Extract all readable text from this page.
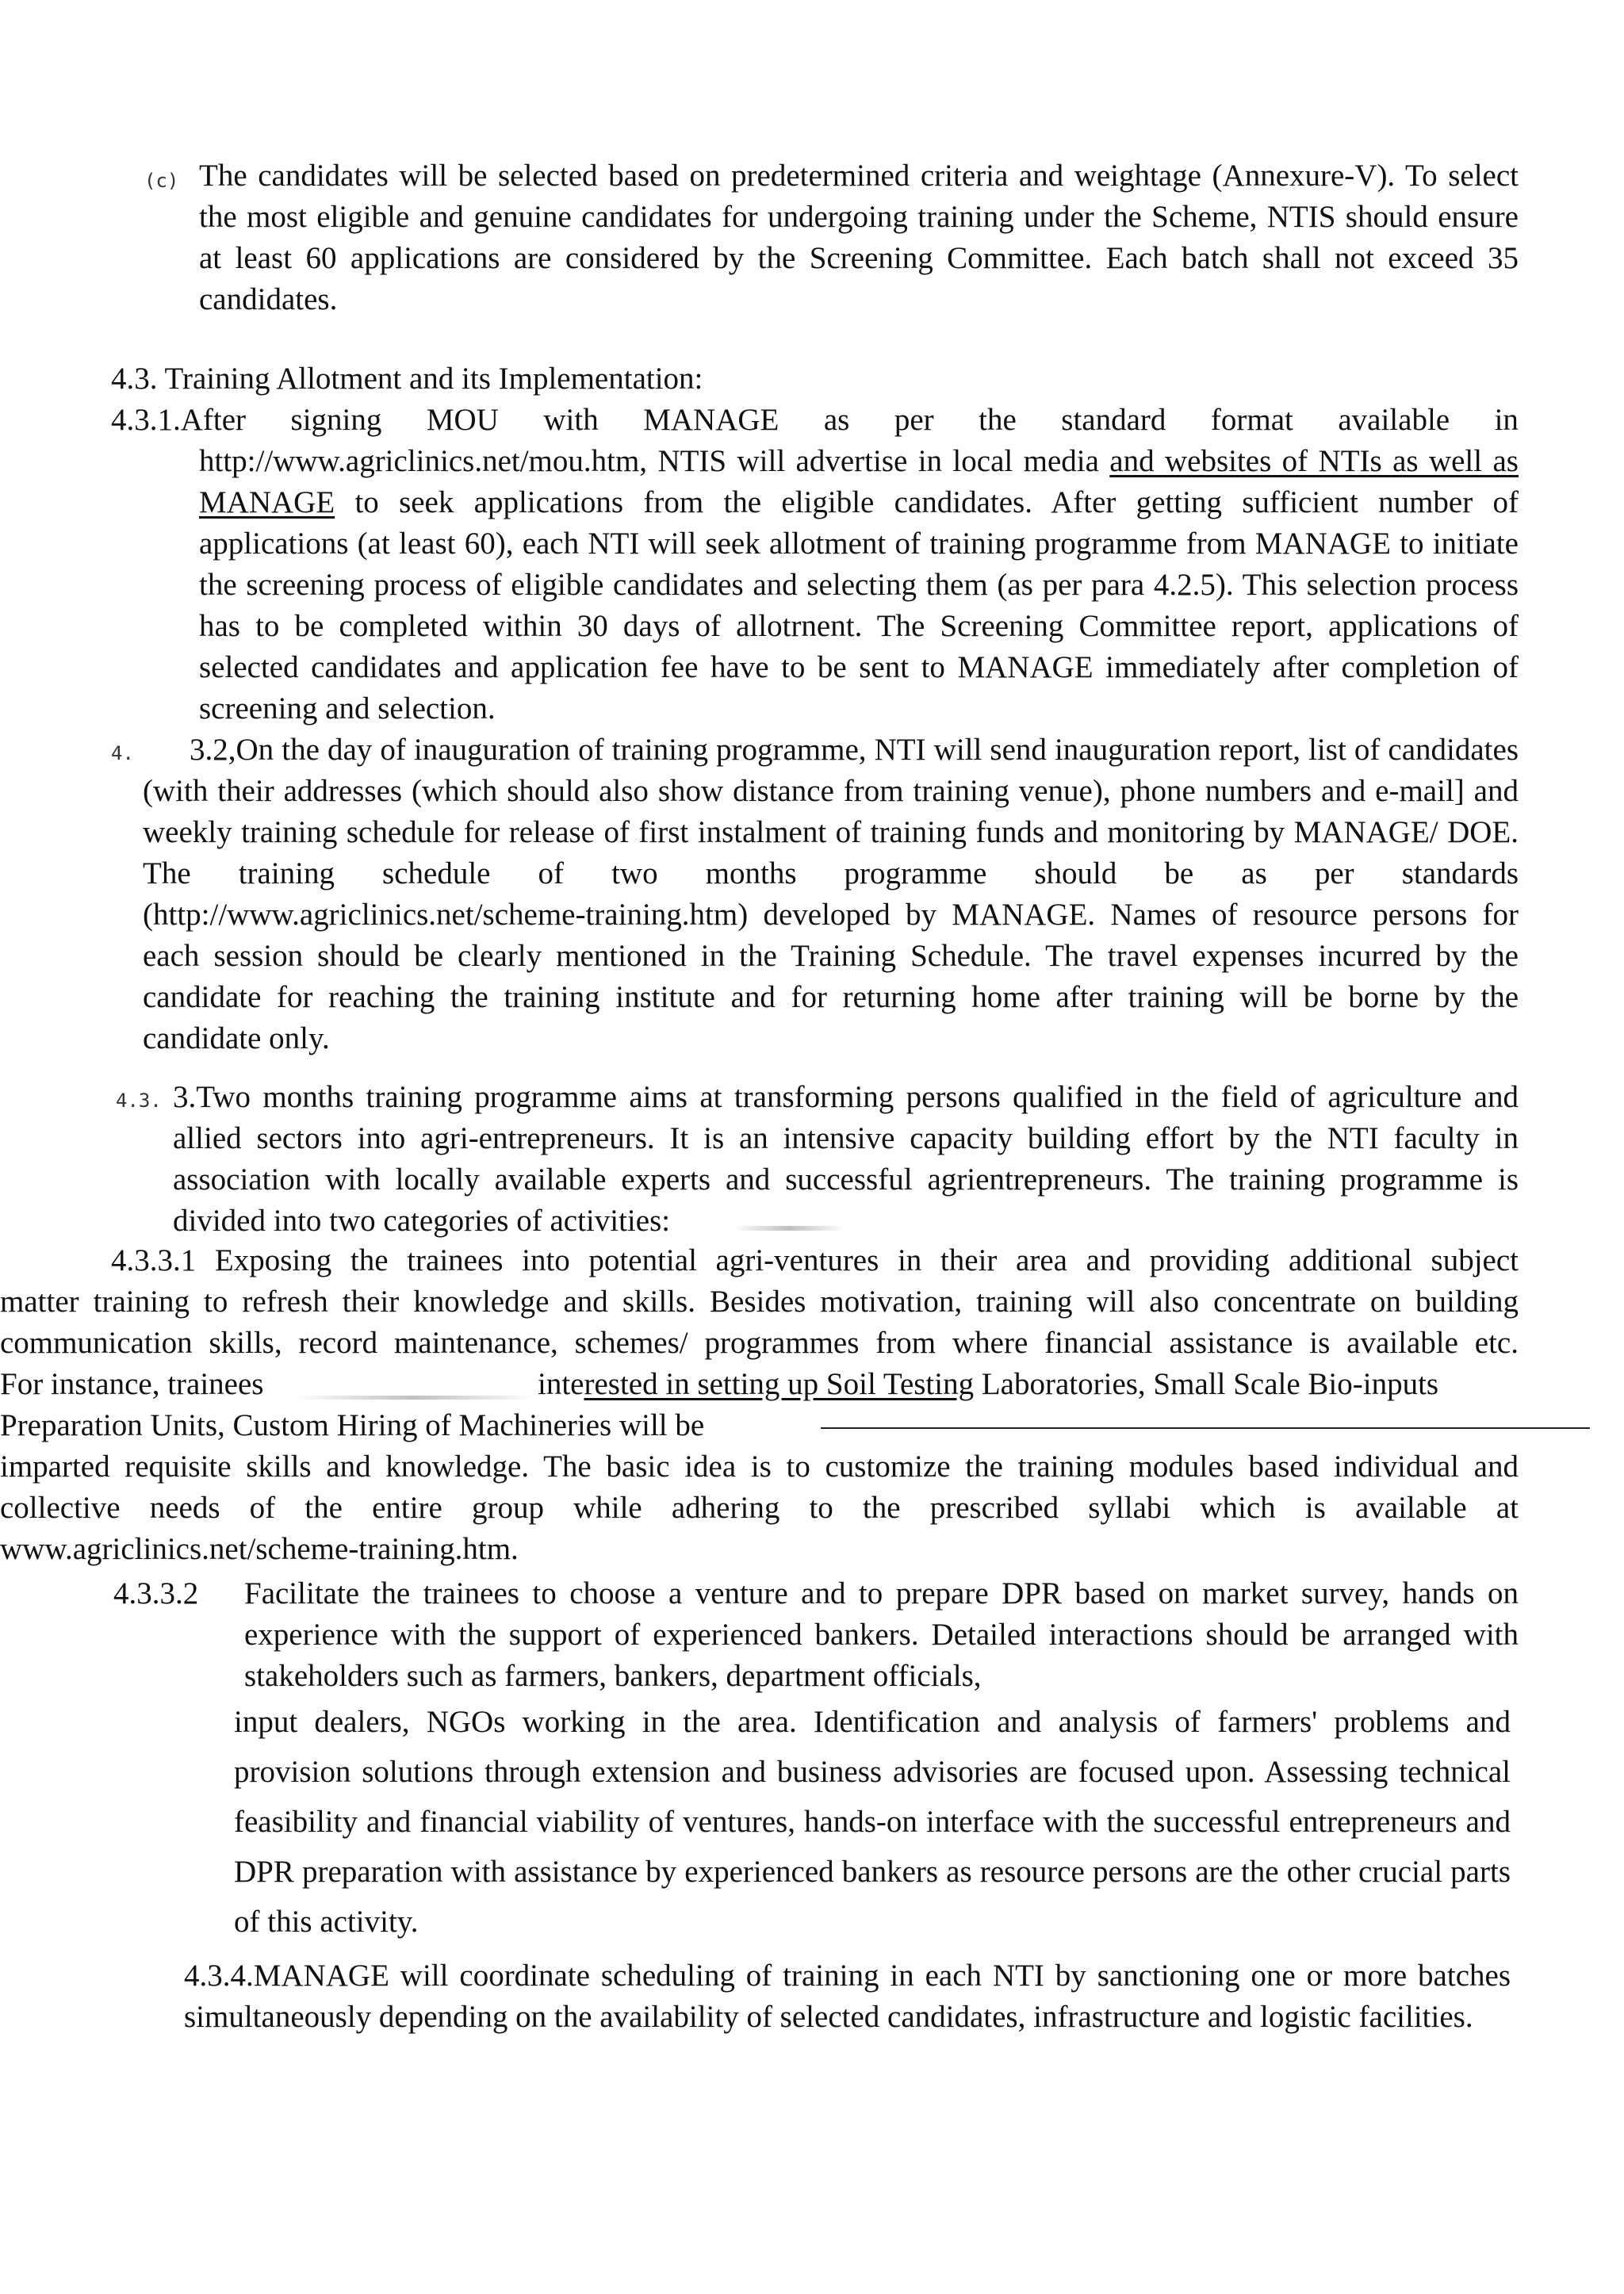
(c) The candidates will be selected based on predetermined criteria and weightage (Annexure-V). To select the most eligible and genuine candidates for undergoing training under the Scheme, NTIS should ensure at least 60 applications are considered by the Screening Committee. Each batch shall not exceed 35 candidates.

4.3. Training Allotment and its Implementation:

4.3.1.After signing MOU with MANAGE as per the standard format available in

http://www.agriclinics.net/mou.htm, NTIS will advertise in local media and websites of NTIs as well as MANAGE to seek applications from the eligible candidates. After getting sufficient number of applications (at least 60), each NTI will seek allotment of training programme from MANAGE to initiate the screening process of eligible candidates and selecting them (as per para 4.2.5). This selection process has to be completed within 30 days of allotrnent. The Screening Committee report, applications of selected candidates and application fee have to be sent to MANAGE immediately after completion of screening and selection.

4.	3.2,On the day of inauguration of training programme, NTI will send inauguration report, list of candidates (with their addresses (which should also show distance from training venue), phone numbers and e-mail] and weekly training schedule for release of first instalment of training funds and monitoring by MANAGE/ DOE. The training schedule of two months programme should be as per standards (http://www.agriclinics.net/scheme-training.htm) developed by MANAGE. Names of resource persons for each session should be clearly mentioned in the Training Schedule. The travel expenses incurred by the candidate for reaching the training institute and for returning home after training will be borne by the candidate only.

4.3. 3.Two months training programme aims at transforming persons qualified in the field of agriculture and allied sectors into agri-entrepreneurs. It is an intensive capacity building effort by the NTI faculty in association with locally available experts and successful agrientrepreneurs. The training programme is divided into two categories of activities:

4.3.3.1 Exposing the trainees into potential agri-ventures in their area and providing additional subject

matter training to refresh their knowledge and skills. Besides motivation, training will also concentrate on building

communication skills, record maintenance, schemes/ programmes from where financial assistance is available etc.

For instance, trainees	interested in setting up Soil Testing Laboratories, Small Scale Bio-inputs

Preparation Units, Custom Hiring of Machineries will be

imparted requisite skills and knowledge. The basic idea is to customize the training modules based individual and

collective needs of the entire group while adhering to the prescribed syllabi which is available at

www.agriclinics.net/scheme-training.htm.

4.3.3.2	Facilitate the trainees to choose a venture and to prepare DPR based on market survey, hands on experience with the support of experienced bankers. Detailed interactions should be arranged with stakeholders such as farmers, bankers, department officials,

input dealers, NGOs working in the area. Identification and analysis of farmers' problems and provision solutions through extension and business advisories are focused upon. Assessing technical feasibility and financial viability of ventures, hands-on interface with the successful entrepreneurs and DPR preparation with assistance by experienced bankers as resource persons are the other crucial parts of this activity.

4.3.4.MANAGE will coordinate scheduling of training in each NTI by sanctioning one or more batches simultaneously depending on the availability of selected candidates, infrastructure and logistic facilities.
